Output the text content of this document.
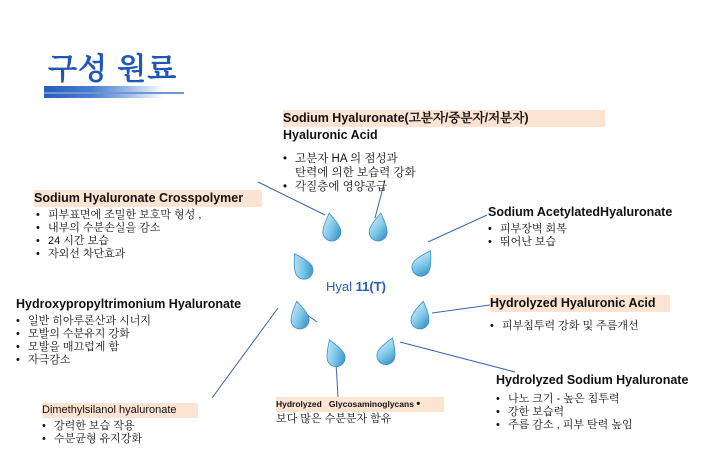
구성 원료
Hyal 11(T)
Sodium Hyaluronate(고분자/중분자/저분자)
Hyaluronic Acid
• 고분자 HA 의 점성과
탄력에 의한 보습력 강화
• 각질층에 영양공급
Sodium Hyaluronate Crosspolymer
• 피부표면에 조밀한 보호막 형성 ,
• 내부의 수분손실을 감소
• 24 시간 보습
• 자외선 차단효과
Sodium AcetylatedHyaluronate
• 피부장벽 회복
• 뛰어난 보습
Hydroxypropyltrimonium Hyaluronate
• 일반 히아루론산과 시너지
• 모발의 수분유지 강화
• 모발을 매끄럽게 함
• 자극감소
Hydrolyzed Hyaluronic Acid
• 피부침투력 강화 및 주름개선
Dimethylsilanol hyaluronate
• 강력한 보습 작용
• 수분균형 유지강화
Hydrolyzed   Glycosaminoglycans •
보다 많은 수분분자 함유
Hydrolyzed Sodium Hyaluronate
• 나노 크기 - 높은 침투력
• 강한 보습력
• 주름 감소 , 피부 탄력 높임
